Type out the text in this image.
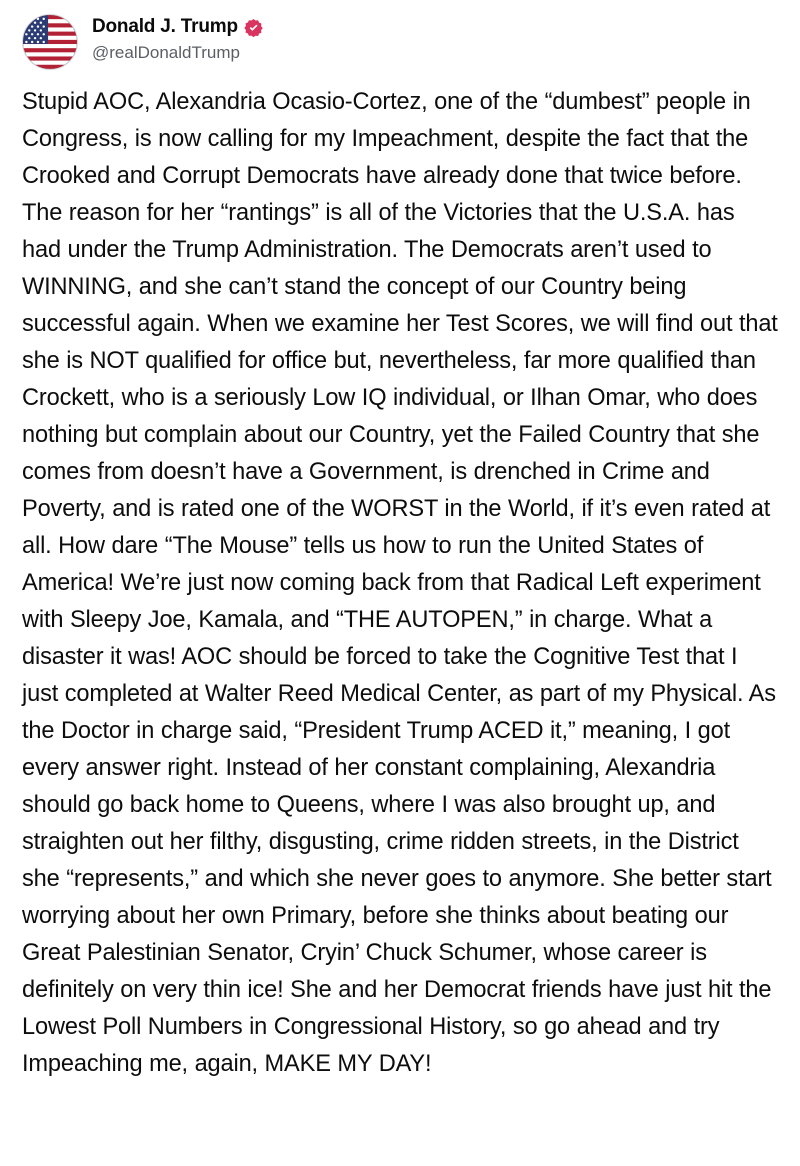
Donald J. Trump
@realDonaldTrump
Stupid AOC, Alexandria Ocasio-Cortez, one of the “dumbest” people in Congress, is now calling for my Impeachment, despite the fact that the Crooked and Corrupt Democrats have already done that twice before. The reason for her “rantings” is all of the Victories that the U.S.A. has had under the Trump Administration. The Democrats aren’t used to WINNING, and she can’t stand the concept of our Country being successful again. When we examine her Test Scores, we will find out that she is NOT qualified for office but, nevertheless, far more qualified than Crockett, who is a seriously Low IQ individual, or Ilhan Omar, who does nothing but complain about our Country, yet the Failed Country that she comes from doesn’t have a Government, is drenched in Crime and Poverty, and is rated one of the WORST in the World, if it’s even rated at all. How dare “The Mouse” tells us how to run the United States of America! We’re just now coming back from that Radical Left experiment with Sleepy Joe, Kamala, and “THE AUTOPEN,” in charge. What a disaster it was! AOC should be forced to take the Cognitive Test that I just completed at Walter Reed Medical Center, as part of my Physical. As the Doctor in charge said, “President Trump ACED it,” meaning, I got every answer right. Instead of her constant complaining, Alexandria should go back home to Queens, where I was also brought up, and straighten out her filthy, disgusting, crime ridden streets, in the District she “represents,” and which she never goes to anymore. She better start worrying about her own Primary, before she thinks about beating our Great Palestinian Senator, Cryin’ Chuck Schumer, whose career is definitely on very thin ice! She and her Democrat friends have just hit the Lowest Poll Numbers in Congressional History, so go ahead and try Impeaching me, again, MAKE MY DAY!
